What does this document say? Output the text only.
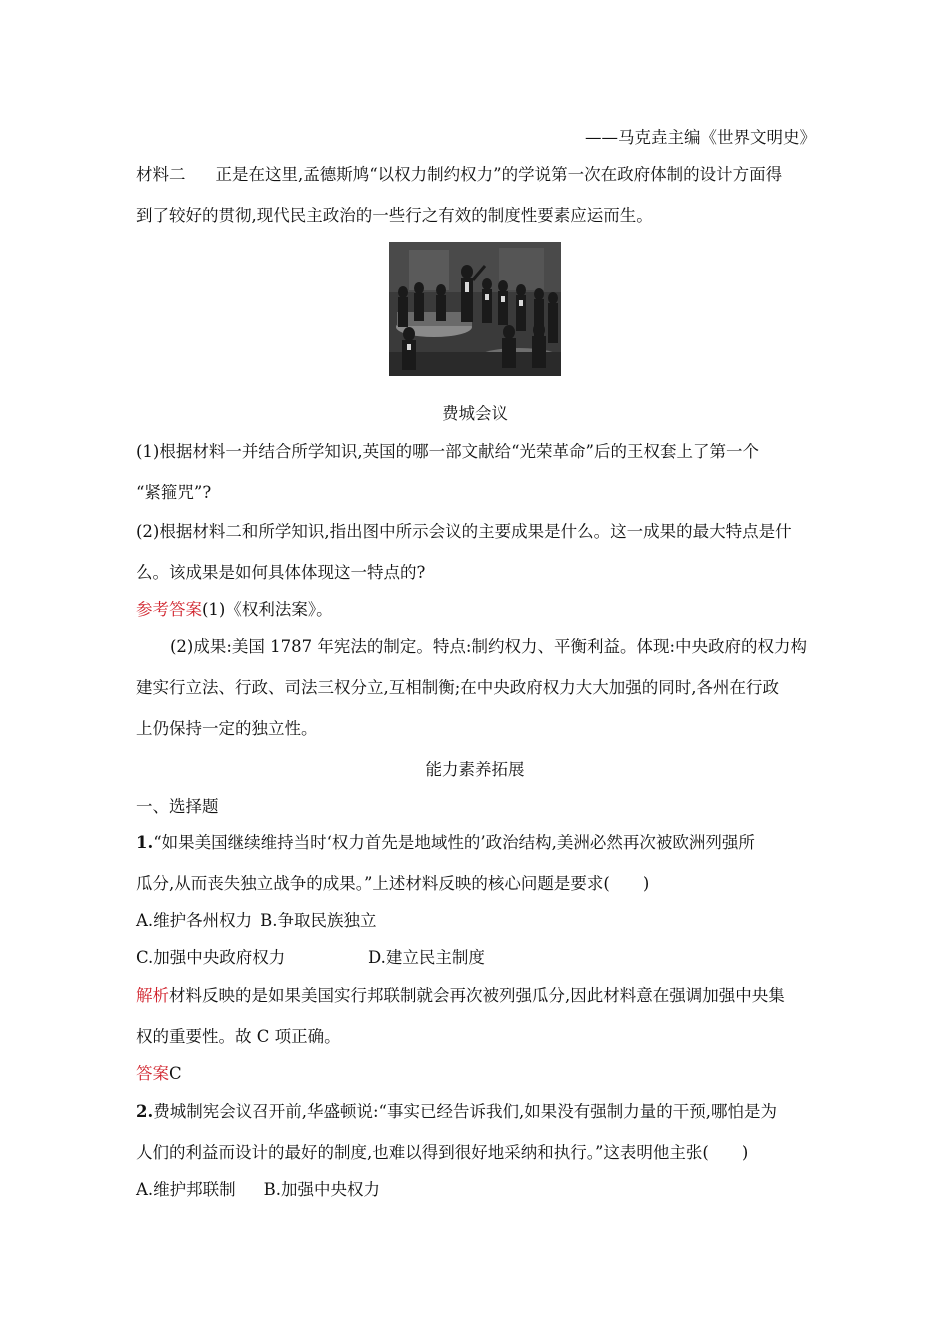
——马克垚主编《世界文明史》
材料二 正是在这里,孟德斯鸠“以权力制约权力”的学说第一次在政府体制的设计方面得
到了较好的贯彻,现代民主政治的一些行之有效的制度性要素应运而生。
费城会议
(1)根据材料一并结合所学知识,英国的哪一部文献给“光荣革命”后的王权套上了第一个
“紧箍咒”?
(2)根据材料二和所学知识,指出图中所示会议的主要成果是什么。这一成果的最大特点是什
么。该成果是如何具体体现这一特点的?
参考答案(1)《权利法案》。
(2)成果:美国 1787 年宪法的制定。特点:制约权力、平衡利益。体现:中央政府的权力构
建实行立法、行政、司法三权分立,互相制衡;在中央政府权力大大加强的同时,各州在行政
上仍保持一定的独立性。
能力素养拓展
一、选择题
1.“如果美国继续维持当时‘权力首先是地域性的’政治结构,美洲必然再次被欧洲列强所
瓜分,从而丧失独立战争的成果。”上述材料反映的核心问题是要求(　　)
A.维护各州权力 B.争取民族独立
C.加强中央政府权力	D.建立民主制度
解析材料反映的是如果美国实行邦联制就会再次被列强瓜分,因此材料意在强调加强中央集
权的重要性。故 C 项正确。
答案C
2.费城制宪会议召开前,华盛顿说:“事实已经告诉我们,如果没有强制力量的干预,哪怕是为
人们的利益而设计的最好的制度,也难以得到很好地采纳和执行。”这表明他主张(　　)
A.维护邦联制 B.加强中央权力
